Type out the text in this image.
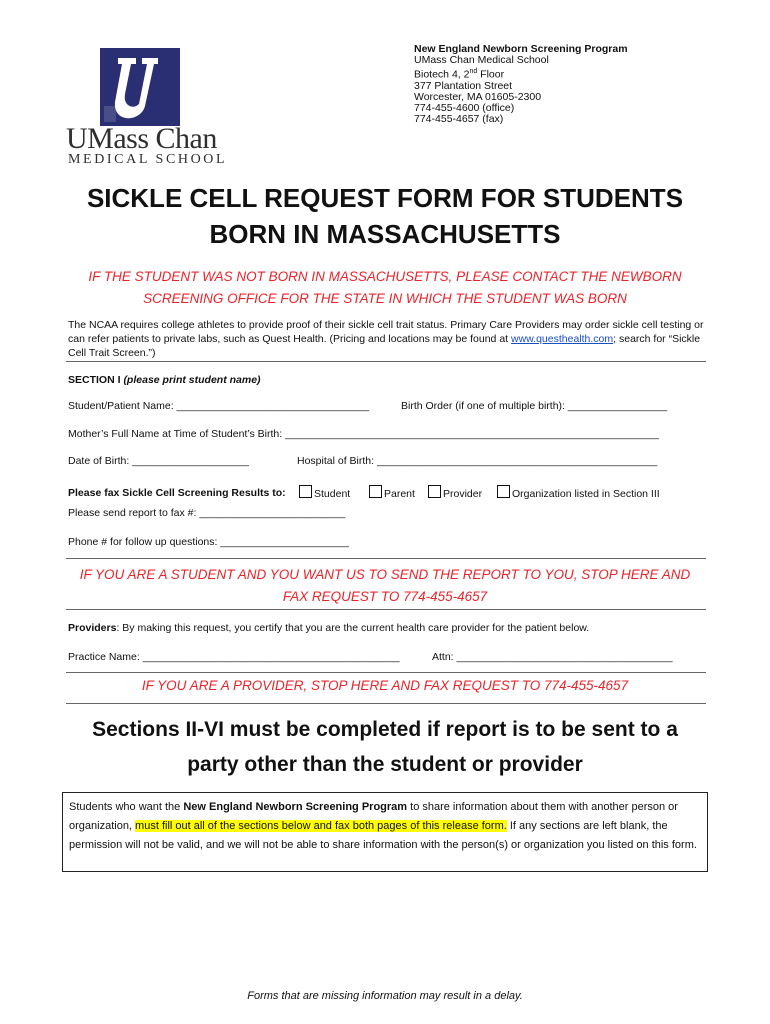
UMass Chan
MEDICAL SCHOOL
New England Newborn Screening Program
UMass Chan Medical School
Biotech 4, 2nd Floor
377 Plantation Street
Worcester, MA 01605-2300
774-455-4600 (office)
774-455-4657 (fax)
SICKLE CELL REQUEST FORM FOR STUDENTS
BORN IN MASSACHUSETTS
IF THE STUDENT WAS NOT BORN IN MASSACHUSETTS, PLEASE CONTACT THE NEWBORN
SCREENING OFFICE FOR THE STATE IN WHICH THE STUDENT WAS BORN
The NCAA requires college athletes to provide proof of their sickle cell trait status. Primary Care Providers may order sickle cell testing or can refer patients to private labs, such as Quest Health. (Pricing and locations may be found at www.questhealth.com; search for “Sickle Cell Trait Screen.”)
SECTION I (please print student name)
Student/Patient Name: _________________________________	Birth Order (if one of multiple birth): _________________
Mother’s Full Name at Time of Student’s Birth: ________________________________________________________________
Date of Birth: ____________________	Hospital of Birth: ________________________________________________
Please fax Sickle Cell Screening Results to:	Student	Parent	Provider	Organization listed in Section III
Please send report to fax #: _________________________
Phone # for follow up questions: ______________________
IF YOU ARE A STUDENT AND YOU WANT US TO SEND THE REPORT TO YOU, STOP HERE AND
FAX REQUEST TO 774-455-4657
Providers: By making this request, you certify that you are the current health care provider for the patient below.
Practice Name: ____________________________________________	Attn: _____________________________________
IF YOU ARE A PROVIDER, STOP HERE AND FAX REQUEST TO 774-455-4657
Sections II-VI must be completed if report is to be sent to a
party other than the student or provider
Students who want the New England Newborn Screening Program to share information about them with another person or organization, must fill out all of the sections below and fax both pages of this release form. If any sections are left blank, the permission will not be valid, and we will not be able to share information with the person(s) or organization you listed on this form.
Forms that are missing information may result in a delay.
